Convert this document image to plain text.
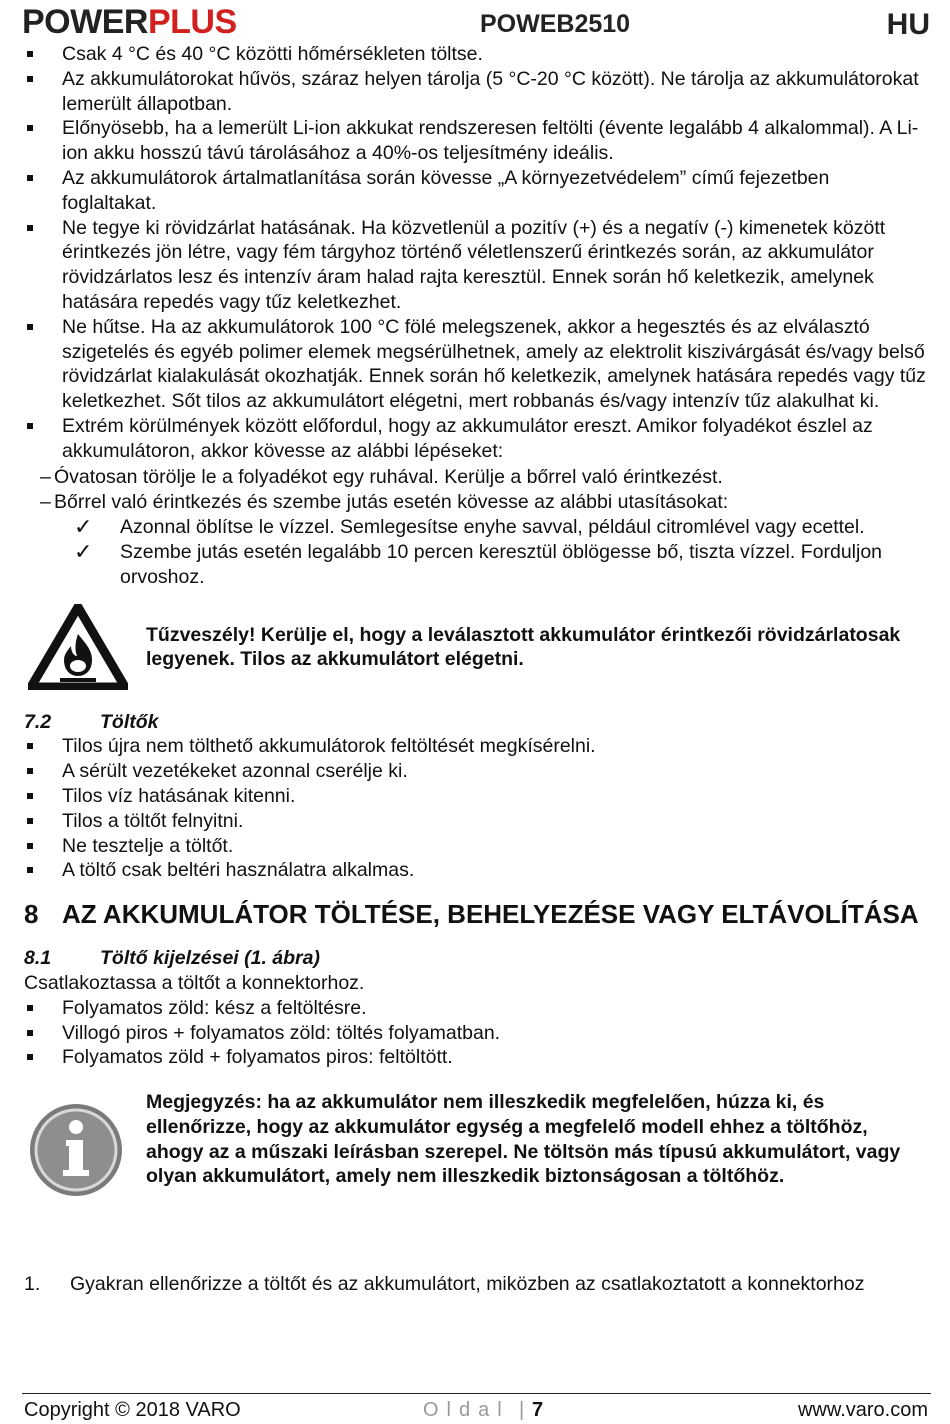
POWERPLUS	POWEB2510	HU
Csak 4 °C és 40 °C közötti hőmérsékleten töltse.
Az akkumulátorokat hűvös, száraz helyen tárolja (5 °C-20 °C között). Ne tárolja az akkumulátorokat lemerült állapotban.
Előnyösebb, ha a lemerült Li-ion akkukat rendszeresen feltölti (évente legalább 4 alkalommal). A Li-ion akku hosszú távú tárolásához a 40%-os teljesítmény ideális.
Az akkumulátorok ártalmatlanítása során kövesse „A környezetvédelem” című fejezetben foglaltakat.
Ne tegye ki rövidzárlat hatásának. Ha közvetlenül a pozitív (+) és a negatív (-) kimenetek között érintkezés jön létre, vagy fém tárgyhoz történő véletlenszerű érintkezés során, az akkumulátor rövidzárlatos lesz és intenzív áram halad rajta keresztül. Ennek során hő keletkezik, amelynek hatására repedés vagy tűz keletkezhet.
Ne hűtse. Ha az akkumulátorok 100 °C fölé melegszenek, akkor a hegesztés és az elválasztó szigetelés és egyéb polimer elemek megsérülhetnek, amely az elektrolit kiszivárgását és/vagy belső rövidzárlat kialakulását okozhatják. Ennek során hő keletkezik, amelynek hatására repedés vagy tűz keletkezhet. Sőt tilos az akkumulátort elégetni, mert robbanás és/vagy intenzív tűz alakulhat ki.
Extrém körülmények között előfordul, hogy az akkumulátor ereszt. Amikor folyadékot észlel az akkumulátoron, akkor kövesse az alábbi lépéseket:
– Óvatosan törölje le a folyadékot egy ruhával. Kerülje a bőrrel való érintkezést.
– Bőrrel való érintkezés és szembe jutás esetén kövesse az alábbi utasításokat:
✓ Azonnal öblítse le vízzel. Semlegesítse enyhe savval, például citromlével vagy ecettel.
✓ Szembe jutás esetén legalább 10 percen keresztül öblögesse bő, tiszta vízzel. Forduljon orvoshoz.
Tűzveszély! Kerülje el, hogy a leválasztott akkumulátor érintkezői rövidzárlatosak legyenek. Tilos az akkumulátort elégetni.
7.2	Töltők
Tilos újra nem tölthető akkumulátorok feltöltését megkísérelni.
A sérült vezetékeket azonnal cserélje ki.
Tilos víz hatásának kitenni.
Tilos a töltőt felnyitni.
Ne tesztelje a töltőt.
A töltő csak beltéri használatra alkalmas.
8 AZ AKKUMULÁTOR TÖLTÉSE, BEHELYEZÉSE VAGY ELTÁVOLÍTÁSA
8.1	Töltő kijelzései (1. ábra)
Csatlakoztassa a töltőt a konnektorhoz.
Folyamatos zöld: kész a feltöltésre.
Villogó piros + folyamatos zöld: töltés folyamatban.
Folyamatos zöld + folyamatos piros: feltöltött.
Megjegyzés: ha az akkumulátor nem illeszkedik megfelelően, húzza ki, és ellenőrizze, hogy az akkumulátor egység a megfelelő modell ehhez a töltőhöz, ahogy az a műszaki leírásban szerepel. Ne töltsön más típusú akkumulátort, vagy olyan akkumulátort, amely nem illeszkedik biztonságosan a töltőhöz.
1. Gyakran ellenőrizze a töltőt és az akkumulátort, miközben az csatlakoztatott a konnektorhoz
Copyright © 2018 VARO	Oldal | 7	www.varo.com
